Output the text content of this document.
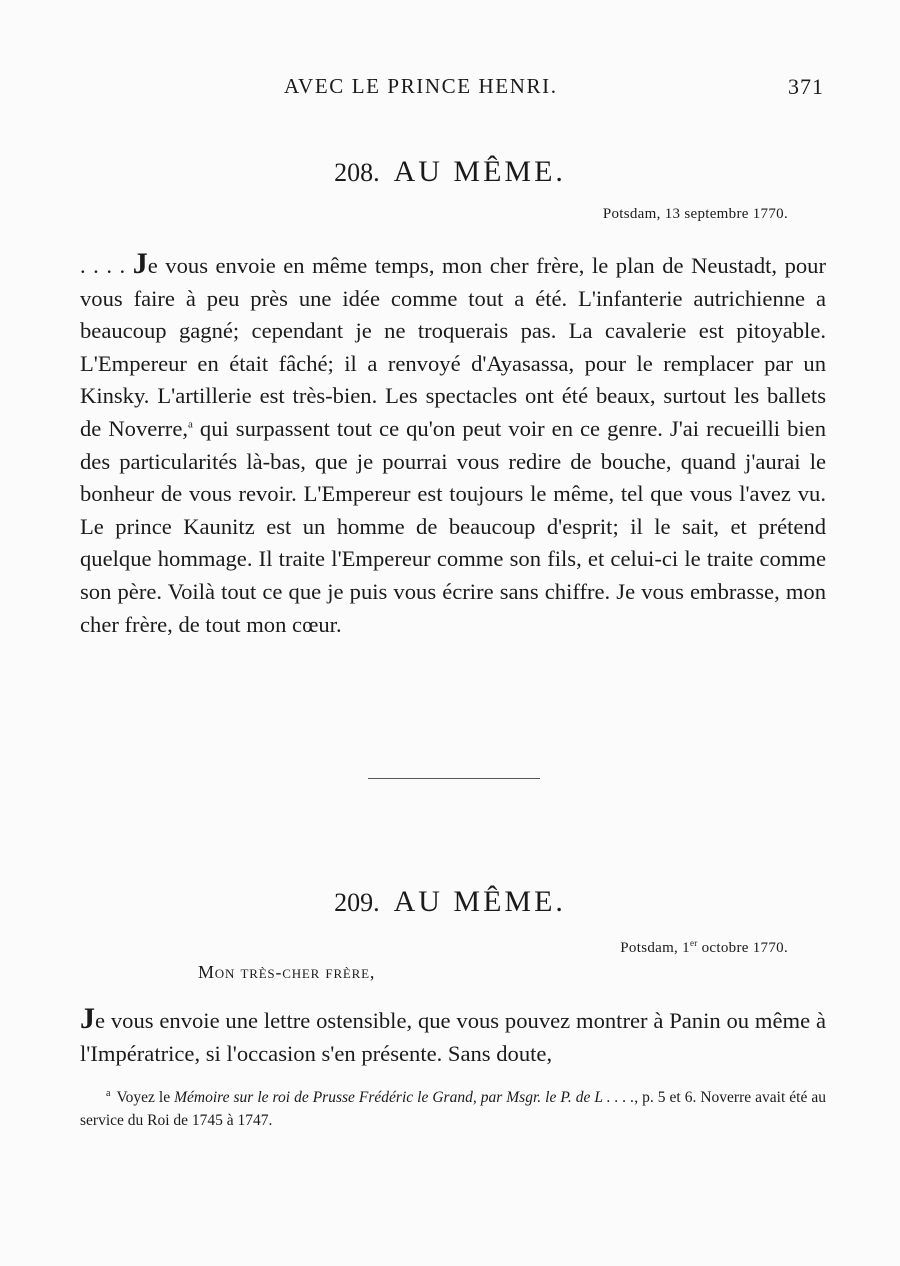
AVEC LE PRINCE HENRI.	371
208. AU MÊME.
Potsdam, 13 septembre 1770.

. . . . Je vous envoie en même temps, mon cher frère, le plan de Neustadt, pour vous faire à peu près une idée comme tout a été. L'infanterie autrichienne a beaucoup gagné; cependant je ne troquerais pas. La cavalerie est pitoyable. L'Empereur en était fâché; il a renvoyé d'Ayasassa, pour le remplacer par un Kinsky. L'artillerie est très-bien. Les spectacles ont été beaux, surtout les ballets de Noverre,$^a$ qui surpassent tout ce qu'on peut voir en ce genre. J'ai recueilli bien des particularités là-bas, que je pourrai vous redire de bouche, quand j'aurai le bonheur de vous revoir. L'Empereur est toujours le même, tel que vous l'avez vu. Le prince Kaunitz est un homme de beaucoup d'esprit; il le sait, et prétend quelque hommage. Il traite l'Empereur comme son fils, et celui-ci le traite comme son père. Voilà tout ce que je puis vous écrire sans chiffre. Je vous embrasse, mon cher frère, de tout mon cœur.

209. AU MÊME.
Potsdam, 1er octobre 1770.
Mon très-cher frère,

Je vous envoie une lettre ostensible, que vous pouvez montrer à Panin ou même à l'Impératrice, si l'occasion s'en présente. Sans doute,

$^a$ Voyez le Mémoire sur le roi de Prusse Frédéric le Grand, par Msgr. le P. de L . . . ., p. 5 et 6. Noverre avait été au service du Roi de 1745 à 1747.
